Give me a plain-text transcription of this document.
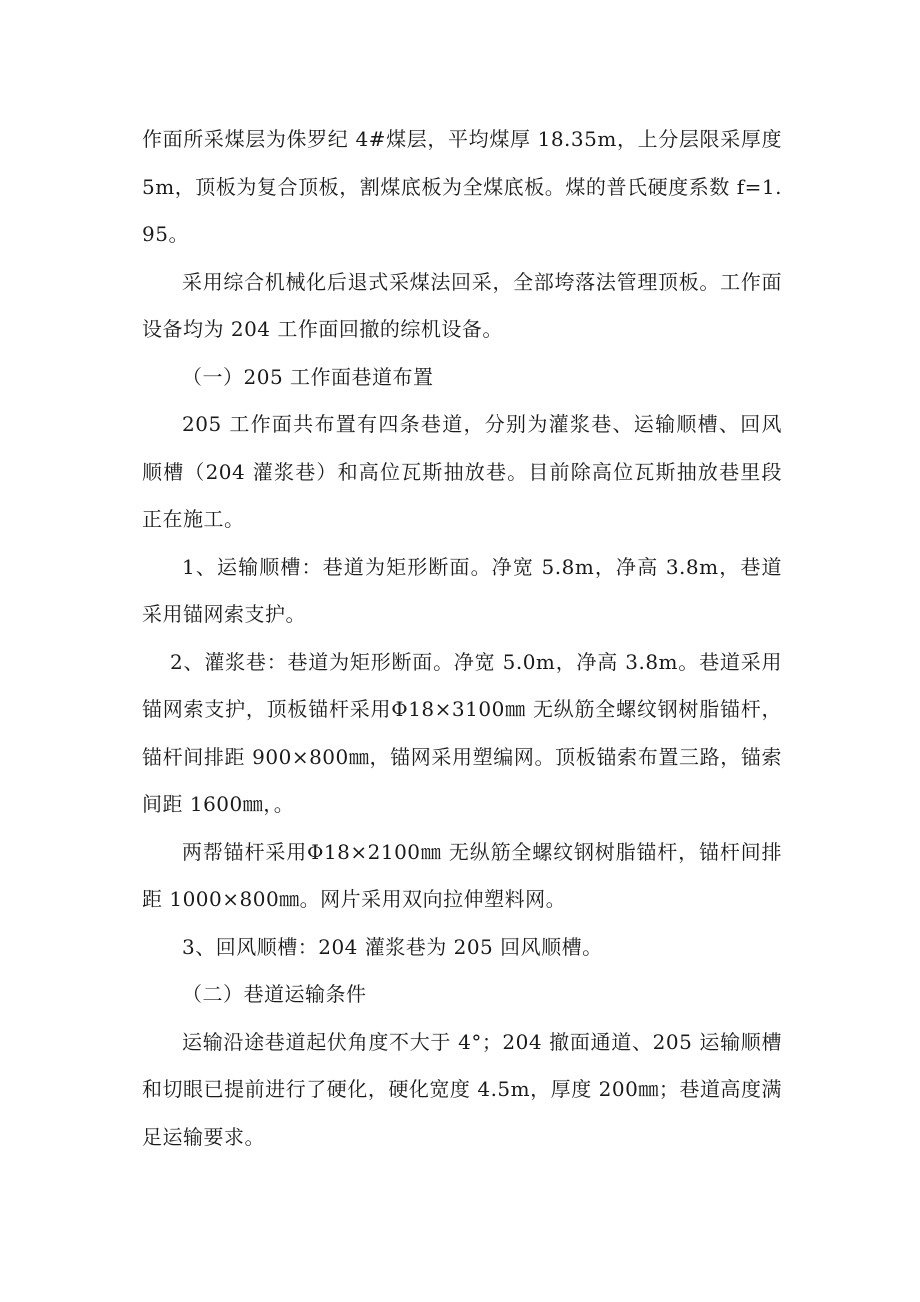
作面所采煤层为侏罗纪 4#煤层，平均煤厚 18.35m，上分层限采厚度 5m，顶板为复合顶板，割煤底板为全煤底板。煤的普氏硬度系数 f=1.95。

采用综合机械化后退式采煤法回采，全部垮落法管理顶板。工作面设备均为 204 工作面回撤的综机设备。

（一）205 工作面巷道布置

205 工作面共布置有四条巷道，分别为灌浆巷、运输顺槽、回风顺槽（204 灌浆巷）和高位瓦斯抽放巷。目前除高位瓦斯抽放巷里段正在施工。

1、运输顺槽：巷道为矩形断面。净宽 5.8m，净高 3.8m，巷道采用锚网索支护。

2、灌浆巷：巷道为矩形断面。净宽 5.0m，净高 3.8m。巷道采用锚网索支护，顶板锚杆采用Φ18×3100㎜ 无纵筋全螺纹钢树脂锚杆，锚杆间排距 900×800㎜，锚网采用塑编网。顶板锚索布置三路，锚索间距 1600㎜，。

两帮锚杆采用Φ18×2100㎜ 无纵筋全螺纹钢树脂锚杆，锚杆间排距 1000×800㎜。网片采用双向拉伸塑料网。

3、回风顺槽：204 灌浆巷为 205 回风顺槽。

（二）巷道运输条件

运输沿途巷道起伏角度不大于 4°；204 撤面通道、205 运输顺槽和切眼已提前进行了硬化，硬化宽度 4.5m，厚度 200㎜；巷道高度满足运输要求。
